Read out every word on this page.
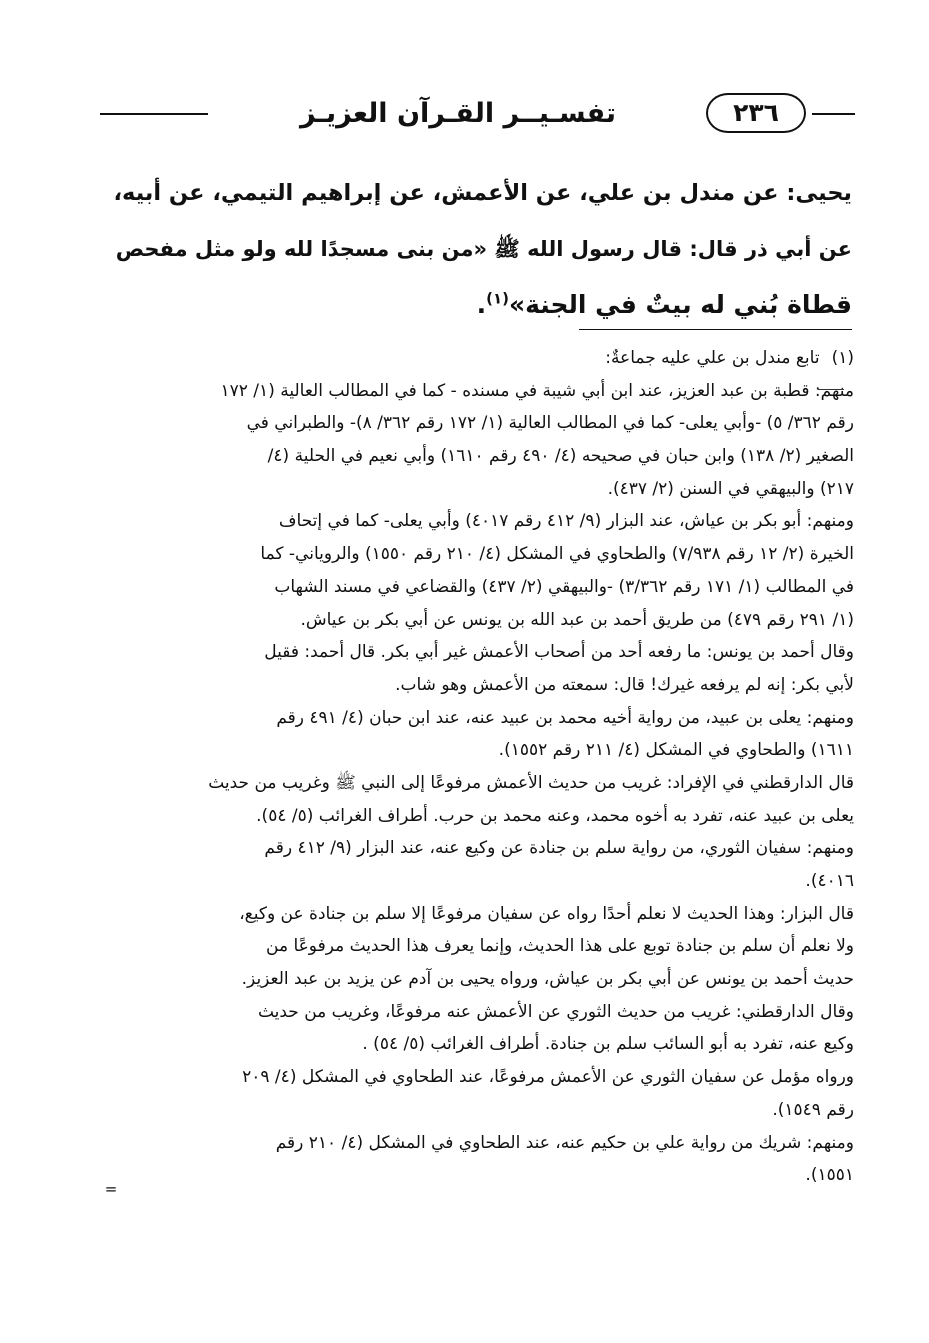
تفسـيــر القـرآن العزيـز	٢٣٦
يحيى: عن مندل بن علي، عن الأعمش، عن إبراهيم التيمي، عن أبيه،
عن أبي ذر قال: قال رسول الله ﷺ «من بنى مسجدًا لله ولو مثل مفحص
قطاة بُني له بيتٌ في الجنة»$^{(١)}$.
(١)تابع مندل بن علي عليه جماعةٌ:
منهم: قطبة بن عبد العزيز، عند ابن أبي شيبة في مسنده - كما في المطالب العالية (١/ ١٧٢
رقم ٣٦٢/ ٥) -وأبي يعلى- كما في المطالب العالية (١/ ١٧٢ رقم ٣٦٢/ ٨)- والطبراني في
الصغير (٢/ ١٣٨) وابن حبان في صحيحه (٤/ ٤٩٠ رقم ١٦١٠) وأبي نعيم في الحلية (٤/
٢١٧) والبيهقي في السنن (٢/ ٤٣٧).
ومنهم: أبو بكر بن عياش، عند البزار (٩/ ٤١٢ رقم ٤٠١٧) وأبي يعلى- كما في إتحاف
الخيرة (٢/ ١٢ رقم ٧/٩٣٨) والطحاوي في المشكل (٤/ ٢١٠ رقم ١٥٥٠) والروياني- كما
في المطالب (١/ ١٧١ رقم ٣/٣٦٢) -والبيهقي (٢/ ٤٣٧) والقضاعي في مسند الشهاب
(١/ ٢٩١ رقم ٤٧٩) من طريق أحمد بن عبد الله بن يونس عن أبي بكر بن عياش.
وقال أحمد بن يونس: ما رفعه أحد من أصحاب الأعمش غير أبي بكر. قال أحمد: فقيل
لأبي بكر: إنه لم يرفعه غيرك! قال: سمعته من الأعمش وهو شاب.
ومنهم: يعلى بن عبيد، من رواية أخيه محمد بن عبيد عنه، عند ابن حبان (٤/ ٤٩١ رقم
١٦١١) والطحاوي في المشكل (٤/ ٢١١ رقم ١٥٥٢).
قال الدارقطني في الإفراد: غريب من حديث الأعمش مرفوعًا إلى النبي ﷺ وغريب من حديث
يعلى بن عبيد عنه، تفرد به أخوه محمد، وعنه محمد بن حرب. أطراف الغرائب (٥/ ٥٤).
ومنهم: سفيان الثوري، من رواية سلم بن جنادة عن وكيع عنه، عند البزار (٩/ ٤١٢ رقم
٤٠١٦).
قال البزار: وهذا الحديث لا نعلم أحدًا رواه عن سفيان مرفوعًا إلا سلم بن جنادة عن وكيع،
ولا نعلم أن سلم بن جنادة توبع على هذا الحديث، وإنما يعرف هذا الحديث مرفوعًا من
حديث أحمد بن يونس عن أبي بكر بن عياش، ورواه يحيى بن آدم عن يزيد بن عبد العزيز.
وقال الدارقطني: غريب من حديث الثوري عن الأعمش عنه مرفوعًا، وغريب من حديث
وكيع عنه، تفرد به أبو السائب سلم بن جنادة. أطراف الغرائب (٥/ ٥٤) .
ورواه مؤمل عن سفيان الثوري عن الأعمش مرفوعًا، عند الطحاوي في المشكل (٤/ ٢٠٩
رقم ١٥٤٩).
ومنهم: شريك من رواية علي بن حكيم عنه، عند الطحاوي في المشكل (٤/ ٢١٠ رقم
١٥٥١).
=
